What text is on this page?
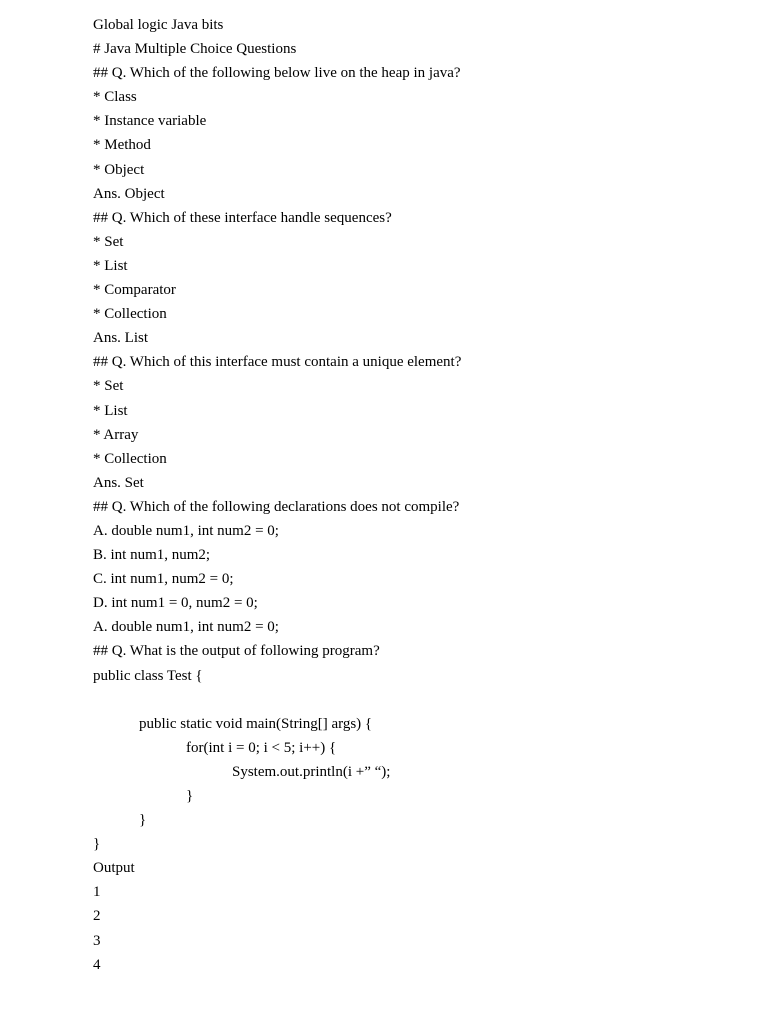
Global logic Java bits
# Java Multiple Choice Questions
## Q. Which of the following below live on the heap in java?
* Class
* Instance variable
* Method
* Object
Ans. Object
## Q. Which of these interface handle sequences?
* Set
* List
* Comparator
* Collection
Ans. List
## Q. Which of this interface must contain a unique element?
* Set
* List
* Array
* Collection
Ans. Set
## Q. Which of the following declarations does not compile?
A. double num1, int num2 = 0;
B. int num1, num2;
C. int num1, num2 = 0;
D. int num1 = 0, num2 = 0;
A. double num1, int num2 = 0;
## Q. What is the output of following program?
public class Test {
public static void main(String[] args) {
for(int i = 0; i < 5; i++) {
System.out.println(i +” “);
}
}
}
Output
1
2
3
4
